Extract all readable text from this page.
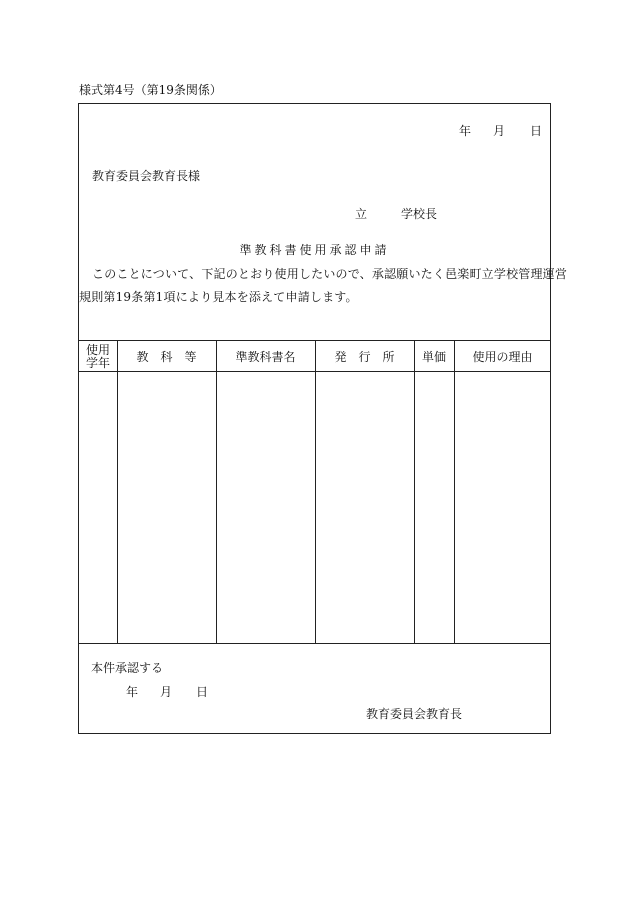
様式第4号（第19条関係）
年 月 日
教育委員会教育長様
立	学校長
準教科書使用承認申請
このことについて、下記のとおり使用したいので、承認願いたく邑楽町立学校管理運営
規則第19条第1項により見本を添えて申請します。
使用
学年	教　科　等	準教科書名	発　行　所	単価	使用の理由
本件承認する
年 月 日
教育委員会教育長
